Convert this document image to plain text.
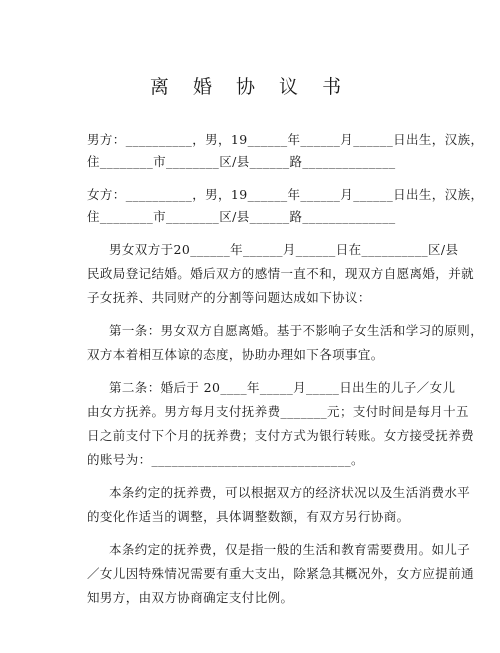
离 婚 协 议 书
男方：__________，男，19______年______月______日出生，汉族，
住________市________区/县______路______________
女方：__________，男，19______年______月______日出生，汉族，
住________市________区/县______路______________
男女双方于20______年______月______日在__________区/县
民政局登记结婚。婚后双方的感情一直不和，现双方自愿离婚，并就
子女抚养、共同财产的分割等问题达成如下协议：
第一条：男女双方自愿离婚。基于不影响子女生活和学习的原则，
双方本着相互体谅的态度，协助办理如下各项事宜。
第二条：婚后于 20____年_____月_____日出生的儿子／女儿
由女方抚养。男方每月支付抚养费_______元；支付时间是每月十五
日之前支付下个月的抚养费；支付方式为银行转账。女方接受抚养费
的账号为：______________________________。
本条约定的抚养费，可以根据双方的经济状况以及生活消费水平
的变化作适当的调整，具体调整数额，有双方另行协商。
本条约定的抚养费，仅是指一般的生活和教育需要费用。如儿子
／女儿因特殊情况需要有重大支出，除紧急其概况外，女方应提前通
知男方，由双方协商确定支付比例。
